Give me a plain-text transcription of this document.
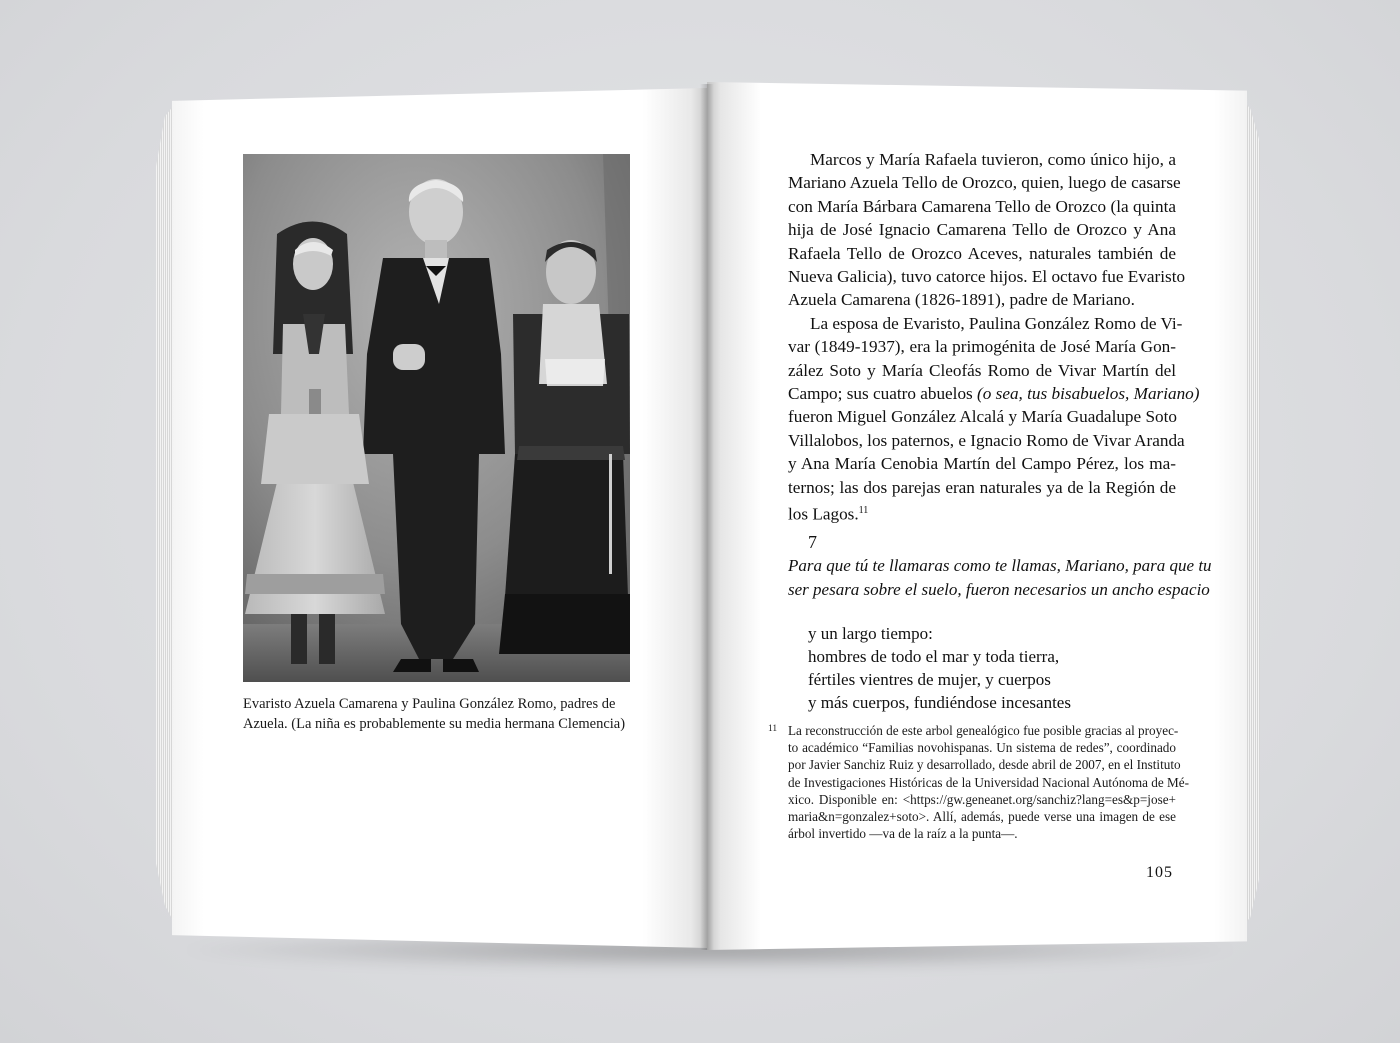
Evaristo Azuela Camarena y Paulina González Romo, padres de
Azuela. (La niña es probablemente su media hermana Clemencia)
Marcos y María Rafaela tuvieron, como único hijo, a
Mariano Azuela Tello de Orozco, quien, luego de casarse
con María Bárbara Camarena Tello de Orozco (la quinta
hija de José Ignacio Camarena Tello de Orozco y Ana
Rafaela Tello de Orozco Aceves, naturales también de
Nueva Galicia), tuvo catorce hijos. El octavo fue Evaristo
Azuela Camarena (1826-1891), padre de Mariano.
La esposa de Evaristo, Paulina González Romo de Vi-
var (1849-1937), era la primogénita de José María Gon-
zález Soto y María Cleofás Romo de Vivar Martín del
Campo; sus cuatro abuelos (o sea, tus bisabuelos, Mariano)
fueron Miguel González Alcalá y María Guadalupe Soto
Villalobos, los paternos, e Ignacio Romo de Vivar Aranda
y Ana María Cenobia Martín del Campo Pérez, los ma-
ternos; las dos parejas eran naturales ya de la Región de
los Lagos.$^{11}$
7
Para que tú te llamaras como te llamas, Mariano, para que tu
ser pesara sobre el suelo, fueron necesarios un ancho espacio
y un largo tiempo:
hombres de todo el mar y toda tierra,
fértiles vientres de mujer, y cuerpos
y más cuerpos, fundiéndose incesantes
11 La reconstrucción de este arbol genealógico fue posible gracias al proyec-
to académico “Familias novohispanas. Un sistema de redes”, coordinado
por Javier Sanchiz Ruiz y desarrollado, desde abril de 2007, en el Instituto
de Investigaciones Históricas de la Universidad Nacional Autónoma de Mé-
xico. Disponible en: <https://gw.geneanet.org/sanchiz?lang=es&p=jose+
maria&n=gonzalez+soto>. Allí, además, puede verse una imagen de ese
árbol invertido —va de la raíz a la punta—.
105
